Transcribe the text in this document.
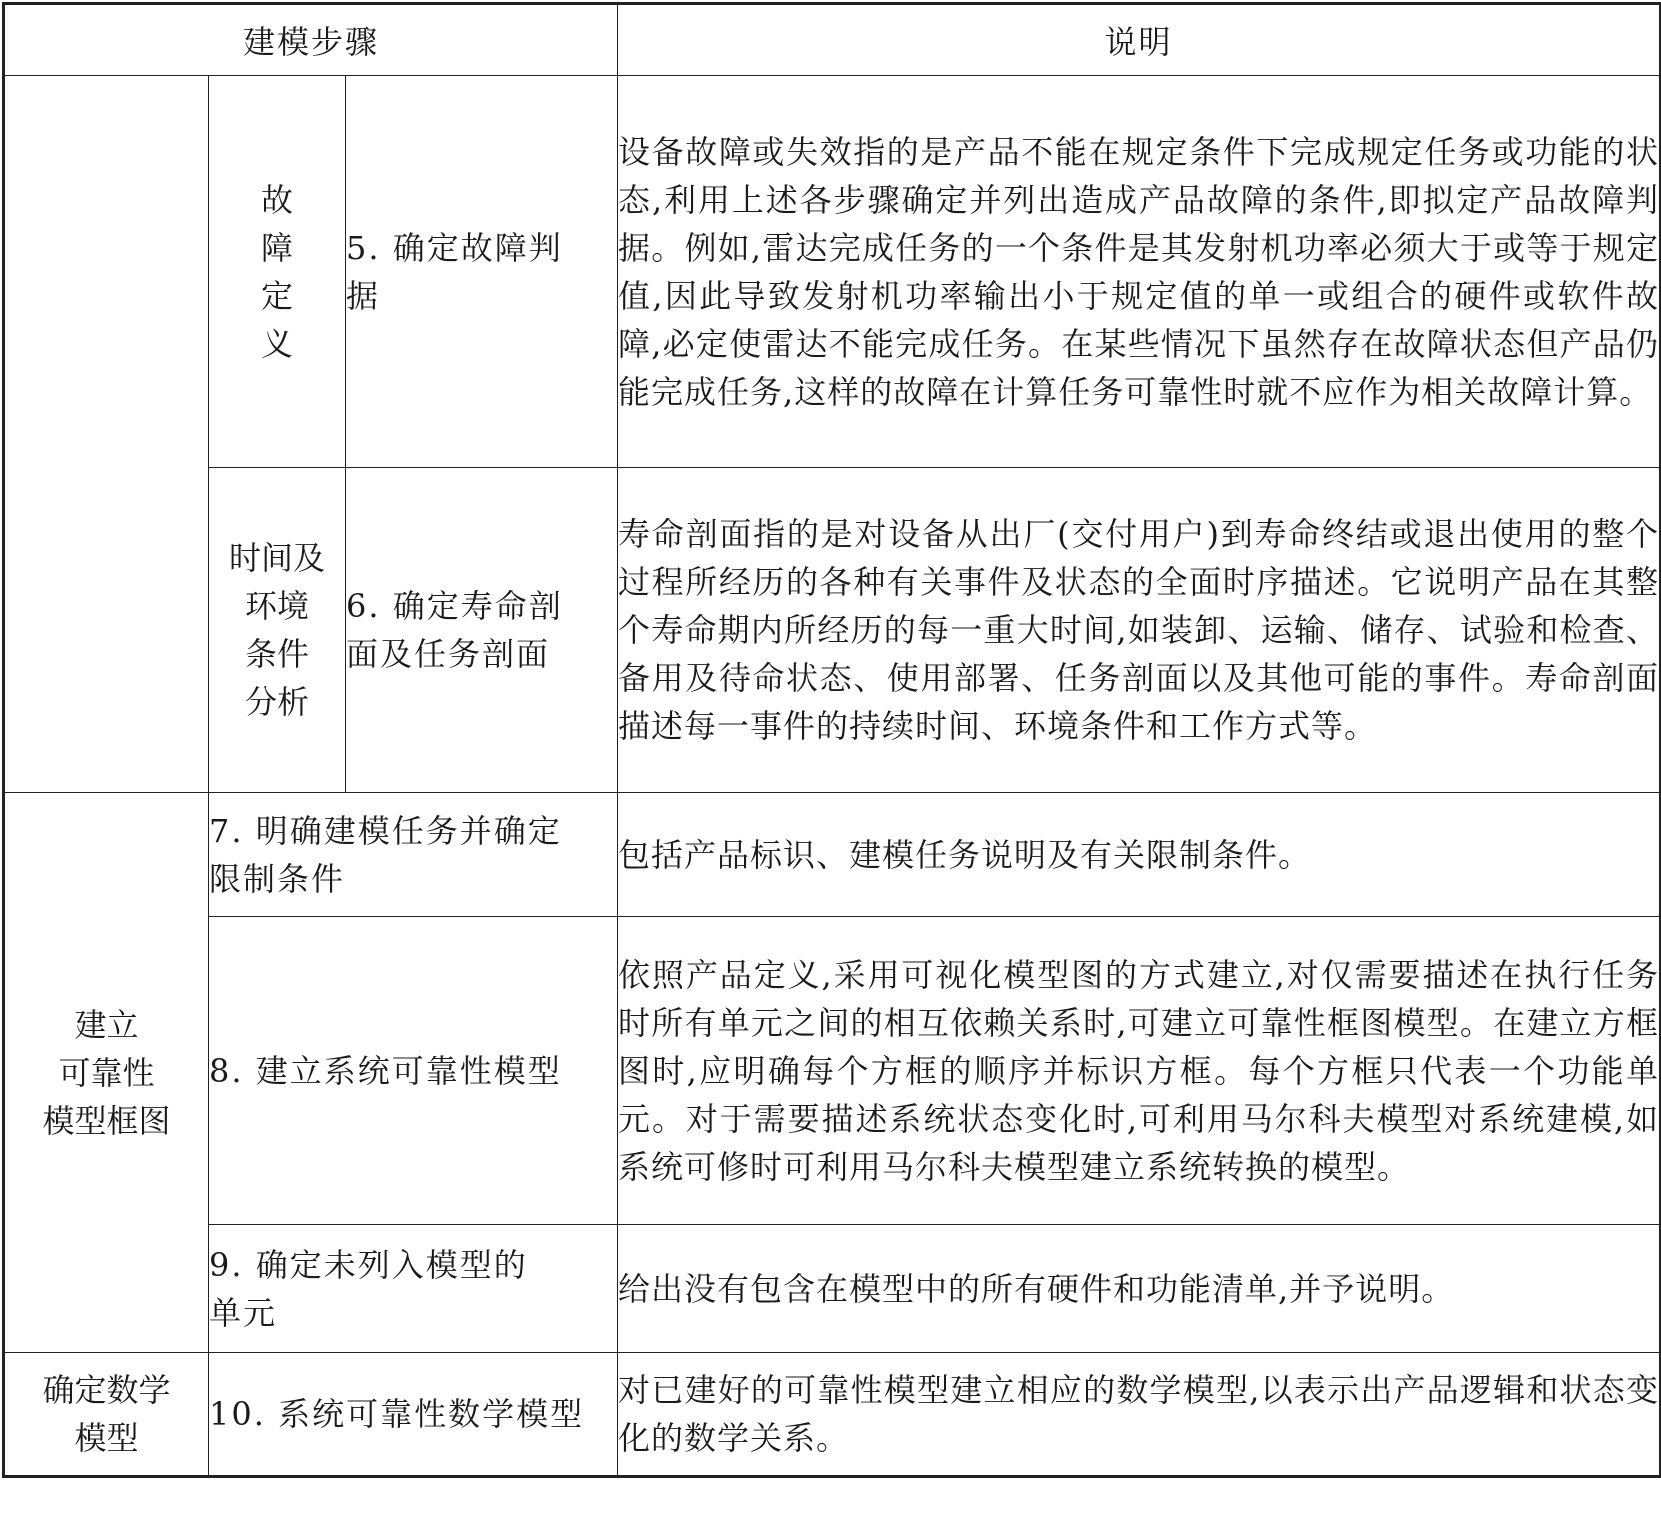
建模步骤			说明

	故
障
定
义	5. 确定故障判
据	设备故障或失效指的是产品不能在规定条件下完成规定任务或功能的状态,利用上述各步骤确定并列出造成产品故障的条件,即拟定产品故障判据。例如,雷达完成任务的一个条件是其发射机功率必须大于或等于规定值,因此导致发射机功率输出小于规定值的单一或组合的硬件或软件故障,必定使雷达不能完成任务。在某些情况下虽然存在故障状态但产品仍能完成任务,这样的故障在计算任务可靠性时就不应作为相关故障计算。

	时间及
环境
条件
分析	6. 确定寿命剖
面及任务剖面	寿命剖面指的是对设备从出厂(交付用户)到寿命终结或退出使用的整个过程所经历的各种有关事件及状态的全面时序描述。它说明产品在其整个寿命期内所经历的每一重大时间,如装卸、运输、储存、试验和检查、备用及待命状态、使用部署、任务剖面以及其他可能的事件。寿命剖面描述每一事件的持续时间、环境条件和工作方式等。

建立
可靠性
模型框图	7. 明确建模任务并确定
限制条件		包括产品标识、建模任务说明及有关限制条件。
	8. 建立系统可靠性模型		依照产品定义,采用可视化模型图的方式建立,对仅需要描述在执行任务时所有单元之间的相互依赖关系时,可建立可靠性框图模型。在建立方框图时,应明确每个方框的顺序并标识方框。每个方框只代表一个功能单元。对于需要描述系统状态变化时,可利用马尔科夫模型对系统建模,如系统可修时可利用马尔科夫模型建立系统转换的模型。

	9. 确定未列入模型的
单元		给出没有包含在模型中的所有硬件和功能清单,并予说明。

确定数学
模型	10. 系统可靠性数学模型		对已建好的可靠性模型建立相应的数学模型,以表示出产品逻辑和状态变化的数学关系。
